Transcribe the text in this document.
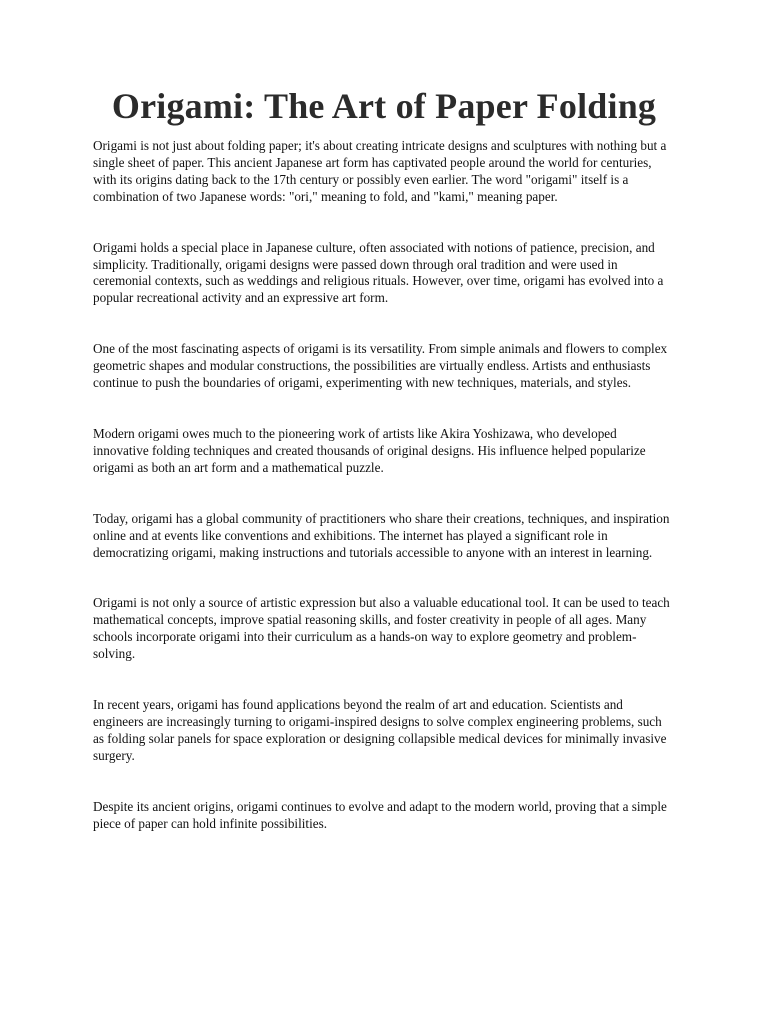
Origami: The Art of Paper Folding

Origami is not just about folding paper; it's about creating intricate designs and sculptures with nothing but a single sheet of paper. This ancient Japanese art form has captivated people around the world for centuries, with its origins dating back to the 17th century or possibly even earlier. The word "origami" itself is a combination of two Japanese words: "ori," meaning to fold, and "kami," meaning paper.

Origami holds a special place in Japanese culture, often associated with notions of patience, precision, and simplicity. Traditionally, origami designs were passed down through oral tradition and were used in ceremonial contexts, such as weddings and religious rituals. However, over time, origami has evolved into a popular recreational activity and an expressive art form.

One of the most fascinating aspects of origami is its versatility. From simple animals and flowers to complex geometric shapes and modular constructions, the possibilities are virtually endless. Artists and enthusiasts continue to push the boundaries of origami, experimenting with new techniques, materials, and styles.

Modern origami owes much to the pioneering work of artists like Akira Yoshizawa, who developed innovative folding techniques and created thousands of original designs. His influence helped popularize origami as both an art form and a mathematical puzzle.

Today, origami has a global community of practitioners who share their creations, techniques, and inspiration online and at events like conventions and exhibitions. The internet has played a significant role in democratizing origami, making instructions and tutorials accessible to anyone with an interest in learning.

Origami is not only a source of artistic expression but also a valuable educational tool. It can be used to teach mathematical concepts, improve spatial reasoning skills, and foster creativity in people of all ages. Many schools incorporate origami into their curriculum as a hands-on way to explore geometry and problem-solving.

In recent years, origami has found applications beyond the realm of art and education. Scientists and engineers are increasingly turning to origami-inspired designs to solve complex engineering problems, such as folding solar panels for space exploration or designing collapsible medical devices for minimally invasive surgery.

Despite its ancient origins, origami continues to evolve and adapt to the modern world, proving that a simple piece of paper can hold infinite possibilities.
